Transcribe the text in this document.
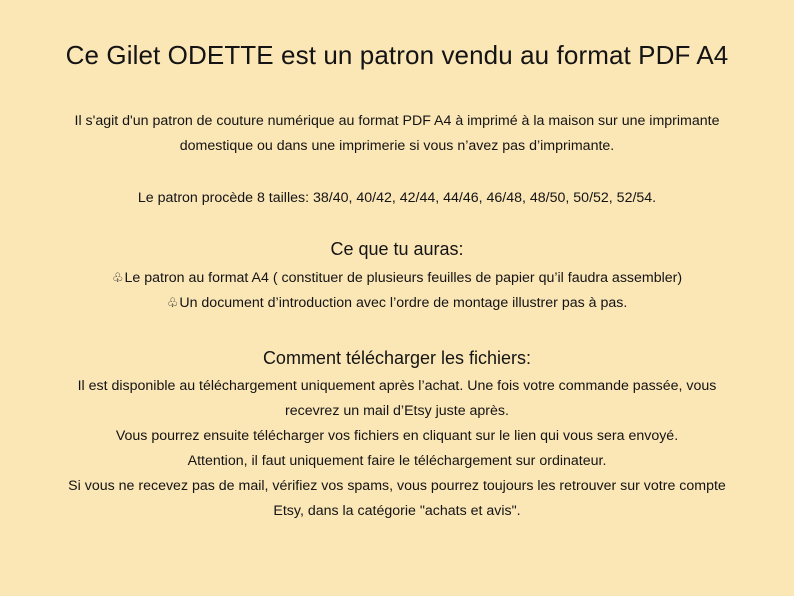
Ce Gilet ODETTE est un patron vendu au format PDF A4

Il s'agit d'un patron de couture numérique au format PDF A4 à imprimé à la maison sur une imprimante
domestique ou dans une imprimerie si vous n’avez pas d’imprimante.

Le patron procède 8 tailles: 38/40, 40/42, 42/44, 44/46, 46/48, 48/50, 50/52, 52/54.

Ce que tu auras:

♧Le patron au format A4 ( constituer de plusieurs feuilles de papier qu’il faudra assembler)
♧Un document d’introduction avec l’ordre de montage illustrer pas à pas.

Comment télécharger les fichiers:

Il est disponible au téléchargement uniquement après l’achat. Une fois votre commande passée, vous
recevrez un mail d’Etsy juste après.
Vous pourrez ensuite télécharger vos fichiers en cliquant sur le lien qui vous sera envoyé.
Attention, il faut uniquement faire le téléchargement sur ordinateur.
Si vous ne recevez pas de mail, vérifiez vos spams, vous pourrez toujours les retrouver sur votre compte
Etsy, dans la catégorie "achats et avis".
